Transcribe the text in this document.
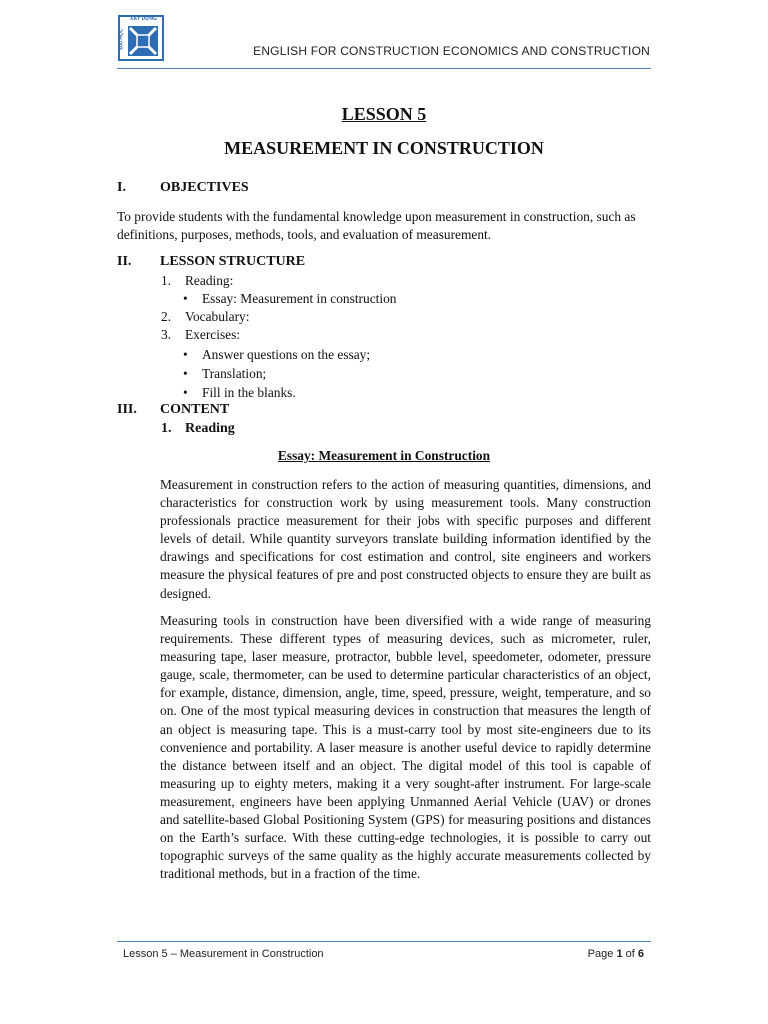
XÂY DỰNG
ĐẠI HỌC
ENGLISH FOR CONSTRUCTION ECONOMICS AND CONSTRUCTION
LESSON 5
MEASUREMENT IN CONSTRUCTION
I. OBJECTIVES
To provide students with the fundamental knowledge upon measurement in construction, such as definitions, purposes, methods, tools, and evaluation of measurement.
II. LESSON STRUCTURE
1. Reading:
• Essay: Measurement in construction
2. Vocabulary:
3. Exercises:
• Answer questions on the essay;
• Translation;
• Fill in the blanks.
III. CONTENT
1. Reading
Essay: Measurement in Construction
Measurement in construction refers to the action of measuring quantities, dimensions, and characteristics for construction work by using measurement tools. Many construction professionals practice measurement for their jobs with specific purposes and different levels of detail. While quantity surveyors translate building information identified by the drawings and specifications for cost estimation and control, site engineers and workers measure the physical features of pre and post constructed objects to ensure they are built as designed.
Measuring tools in construction have been diversified with a wide range of measuring requirements. These different types of measuring devices, such as micrometer, ruler, measuring tape, laser measure, protractor, bubble level, speedometer, odometer, pressure gauge, scale, thermometer, can be used to determine particular characteristics of an object, for example, distance, dimension, angle, time, speed, pressure, weight, temperature, and so on. One of the most typical measuring devices in construction that measures the length of an object is measuring tape. This is a must-carry tool by most site-engineers due to its convenience and portability. A laser measure is another useful device to rapidly determine the distance between itself and an object. The digital model of this tool is capable of measuring up to eighty meters, making it a very sought-after instrument. For large-scale measurement, engineers have been applying Unmanned Aerial Vehicle (UAV) or drones and satellite-based Global Positioning System (GPS) for measuring positions and distances on the Earth’s surface. With these cutting-edge technologies, it is possible to carry out topographic surveys of the same quality as the highly accurate measurements collected by traditional methods, but in a fraction of the time.
Lesson 5 – Measurement in Construction	Page 1 of 6
